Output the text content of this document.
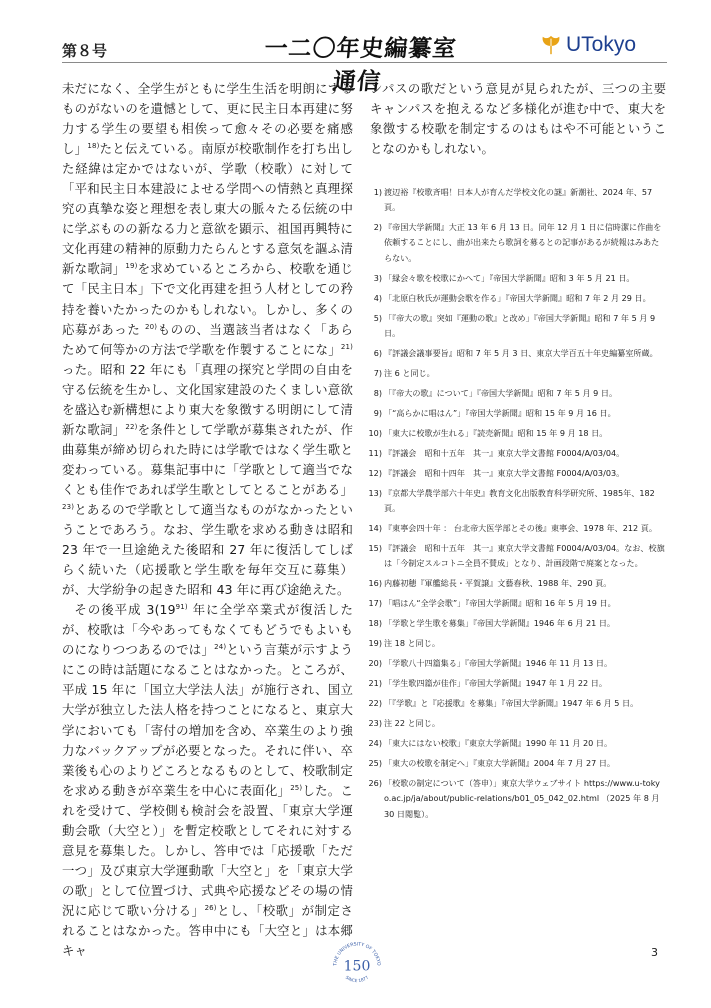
第８号	一二〇年史編纂室通信
UTokyo

未だになく、全学生がともに学生生活を明朗にするものがないのを遺憾として、更に民主日本再建に努力する学生の要望も相俟って愈々その必要を痛感し」$^{18)}$たと伝えている。南原が校歌制作を打ち出した経緯は定かではないが、学歌（校歌）に対して「平和民主日本建設によせる学問への情熱と真理探究の真摯な姿と理想を表し東大の脈々たる伝統の中に学ぶものの新なる力と意欲を顕示、祖国再興特に文化再建の精神的原動力たらんとする意気を謳ふ清新な歌詞」$^{19)}$を求めているところから、校歌を通じて「民主日本」下で文化再建を担う人材としての矜持を養いたかったのかもしれない。しかし、多くの応募があった $^{20)}$ものの、当選該当者はなく「あらためて何等かの方法で学歌を作製することにな」$^{21)}$った。昭和 22 年にも「真理の探究と学問の自由を守る伝統を生かし、文化国家建設のたくましい意欲を盛込む新構想により東大を象徴する明朗にして清新な歌詞」$^{22)}$を条件として学歌が募集されたが、作曲募集が締め切られた時には学歌ではなく学生歌と変わっている。募集記事中に「学歌として適当でなくとも佳作であれば学生歌としてとることがある」$^{23)}$とあるので学歌として適当なものがなかったということであろう。なお、学生歌を求める動きは昭和 23 年で一旦途絶えた後昭和 27 年に復活してしばらく続いた（応援歌と学生歌を毎年交互に募集）が、大学紛争の起きた昭和 43 年に再び途絶えた。

その後平成 3(19$^{91)}$ 年に全学卒業式が復活したが、校歌は「今やあってもなくてもどうでもよいものになりつつあるのでは」$^{24)}$という言葉が示すようにこの時は話題になることはなかった。ところが、平成 15 年に「国立大学法人法」が施行され、国立大学が独立した法人格を持つことになると、東京大学においても「寄付の増加を含め、卒業生のより強力なバックアップが必要となった。それに伴い、卒業後も心のよりどころとなるものとして、校歌制定を求める動きが卒業生を中心に表面化」$^{25)}$した。これを受けて、学校側も検討会を設置、「東京大学運動会歌（大空と）」を暫定校歌としてそれに対する意見を募集した。しかし、答申では「応援歌「ただ一つ」及び東京大学運動歌「大空と」を「東京大学の歌」として位置づけ、式典や応援などその場の情況に応じて歌い分ける」$^{26)}$とし、「校歌」が制定されることはなかった。答申中にも「大空と」は本郷キャ

ンパスの歌だという意見が見られたが、三つの主要キャンパスを抱えるなど多様化が進む中で、東大を象徴する校歌を制定するのはもはや不可能ということなのかもしれない。

1) 渡辺裕『校歌斉唱！日本人が育んだ学校文化の謎』新潮社、2024 年、57 頁。
2) 『帝国大学新聞』大正 13 年 6 月 13 日。同年 12 月 1 日に信時潔に作曲を依頼することにし、曲が出来たら歌詞を募るとの記事があるが続報はみあたらない。
3) 「縁会々歌を校歌にかへて」『帝国大学新聞』昭和 3 年 5 月 21 日。
4) 「北原白秋氏が運動会歌を作る」『帝国大学新聞』昭和 7 年 2 月 29 日。
5) 「『帝大の歌』突如『運動の歌』と改め」『帝国大学新聞』昭和 7 年 5 月 9 日。
6) 『評議会議事要旨』昭和 7 年 5 月 3 日、東京大学百五十年史編纂室所蔵。
7) 注 6 と同じ。
8) 「『帝大の歌』について」『帝国大学新聞』昭和 7 年 5 月 9 日。
9) 「“高らかに唱はん”」『帝国大学新聞』昭和 15 年 9 月 16 日。
10) 「東大に校歌が生れる」『読売新聞』昭和 15 年 9 月 18 日。
11) 『評議会　昭和十五年　其一』東京大学文書館 F0004/A/03/04。
12) 『評議会　昭和十四年　其一』東京大学文書館 F0004/A/03/03。
13) 『京都大学農学部六十年史』教育文化出版教育科学研究所、1985年、182 頁。
14) 『東寧会四十年 ： 台北帝大医学部とその後』東寧会、1978 年、212 頁。
15) 『評議会　昭和十五年　其一』東京大学文書館 F0004/A/03/04。なお、校旗は「今制定スルコトニ全員不賛成」となり、計画段階で廃案となった。
16) 内藤初穂『軍艦総長・平賀譲』文藝春秋、1988 年、290 頁。
17) 「唱はん“全学会歌”」『帝国大学新聞』昭和 16 年 5 月 19 日。
18) 「学歌と学生歌を募集」『帝国大学新聞』1946 年 6 月 21 日。
19) 注 18 と同じ。
20) 「学歌八十四篇集る」『帝国大学新聞』1946 年 11 月 13 日。
21) 「学生歌四篇が佳作」『帝国大学新聞』1947 年 1 月 22 日。
22) 「『学歌』と『応援歌』を募集」『帝国大学新聞』1947 年 6 月 5 日。
23) 注 22 と同じ。
24) 「東大にはない校歌」『東京大学新聞』1990 年 11 月 20 日。
25) 「東大の校歌を制定へ」『東京大学新聞』2004 年 7 月 27 日。
26) 「校歌の制定について（答申）」東京大学ウェブサイト https://www.u-tokyo.ac.jp/ja/about/public-relations/b01_05_042_02.html （2025 年 8 月 30 日閲覧）。
THE UNIVERSITY OF TOKYO
150
SINCE 1877
3
